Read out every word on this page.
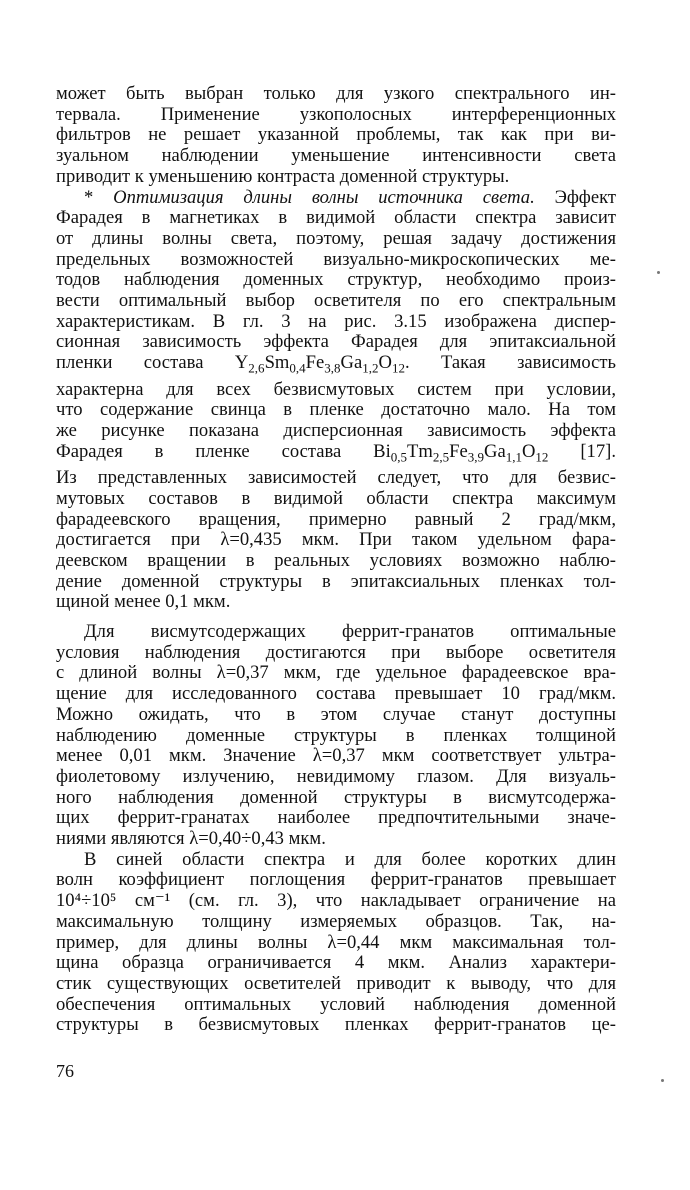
может быть выбран только для узкого спектрального ин-
тервала. Применение узкополосных интерференционных
фильтров не решает указанной проблемы, так как при ви-
зуальном наблюдении уменьшение интенсивности света
приводит к уменьшению контраста доменной структуры.
* Оптимизация длины волны источника света. Эффект
Фарадея в магнетиках в видимой области спектра зависит
от длины волны света, поэтому, решая задачу достижения
предельных возможностей визуально-микроскопических ме-
тодов наблюдения доменных структур, необходимо произ-
вести оптимальный выбор осветителя по его спектральным
характеристикам. В гл. 3 на рис. 3.15 изображена диспер-
сионная зависимость эффекта Фарадея для эпитаксиальной
пленки состава $Y_{2,6}Sm_{0,4}Fe_{3,8}Ga_{1,2}O_{12}$. Такая зависимость
характерна для всех безвисмутовых систем при условии,
что содержание свинца в пленке достаточно мало. На том
же рисунке показана дисперсионная зависимость эффекта
Фарадея в пленке состава $Bi_{0,5}Tm_{2,5}Fe_{3,9}Ga_{1,1}O_{12}$ [17].
Из представленных зависимостей следует, что для безвис-
мутовых составов в видимой области спектра максимум
фарадеевского вращения, примерно равный 2 град/мкм,
достигается при λ=0,435 мкм. При таком удельном фара-
деевском вращении в реальных условиях возможно наблю-
дение доменной структуры в эпитаксиальных пленках тол-
щиной менее 0,1 мкм.
Для висмутсодержащих феррит-гранатов оптимальные
условия наблюдения достигаются при выборе осветителя
с длиной волны λ=0,37 мкм, где удельное фарадеевское вра-
щение для исследованного состава превышает 10 град/мкм.
Можно ожидать, что в этом случае станут доступны
наблюдению доменные структуры в пленках толщиной
менее 0,01 мкм. Значение λ=0,37 мкм соответствует ультра-
фиолетовому излучению, невидимому глазом. Для визуаль-
ного наблюдения доменной структуры в висмутсодержа-
щих феррит-гранатах наиболее предпочтительными значе-
ниями являются λ=0,40÷0,43 мкм.
В синей области спектра и для более коротких длин
волн коэффициент поглощения феррит-гранатов превышает
10⁴÷10⁵ см⁻¹ (см. гл. 3), что накладывает ограничение на
максимальную толщину измеряемых образцов. Так, на-
пример, для длины волны λ=0,44 мкм максимальная тол-
щина образца ограничивается 4 мкм. Анализ характери-
стик существующих осветителей приводит к выводу, что для
обеспечения оптимальных условий наблюдения доменной
структуры в безвисмутовых пленках феррит-гранатов це-
76
